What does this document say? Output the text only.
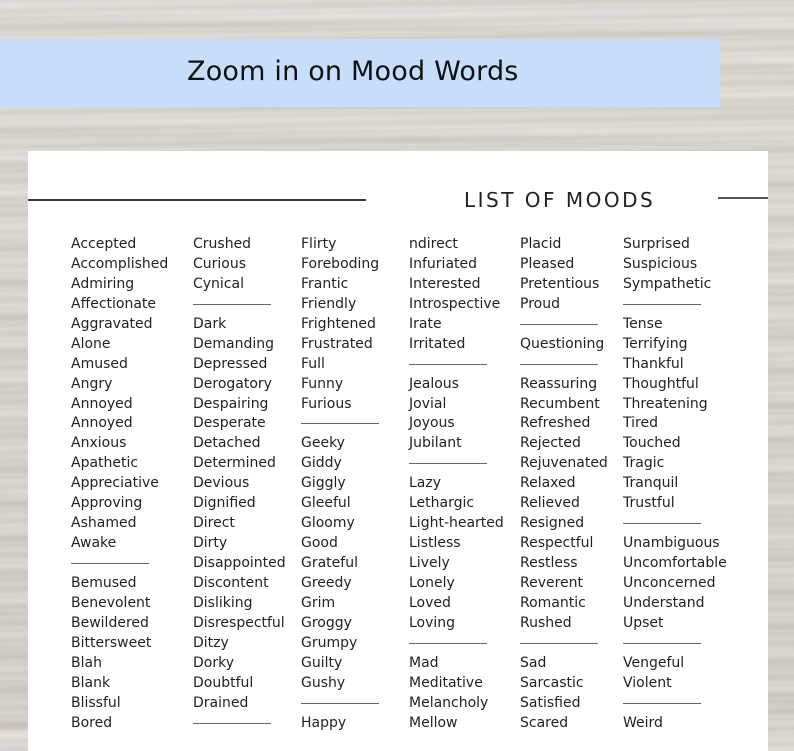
Zoom in on Mood Words
LIST OF MOODS
Accepted
Accomplished
Admiring
Affectionate
Aggravated
Alone
Amused
Angry
Annoyed
Annoyed
Anxious
Apathetic
Appreciative
Approving
Ashamed
Awake
Bemused
Benevolent
Bewildered
Bittersweet
Blah
Blank
Blissful
Bored
Crushed
Curious
Cynical
Dark
Demanding
Depressed
Derogatory
Despairing
Desperate
Detached
Determined
Devious
Dignified
Direct
Dirty
Disappointed
Discontent
Disliking
Disrespectful
Ditzy
Dorky
Doubtful
Drained
Flirty
Foreboding
Frantic
Friendly
Frightened
Frustrated
Full
Funny
Furious
Geeky
Giddy
Giggly
Gleeful
Gloomy
Good
Grateful
Greedy
Grim
Groggy
Grumpy
Guilty
Gushy
Happy
ndirect
Infuriated
Interested
Introspective
Irate
Irritated
Jealous
Jovial
Joyous
Jubilant
Lazy
Lethargic
Light-hearted
Listless
Lively
Lonely
Loved
Loving
Mad
Meditative
Melancholy
Mellow
Placid
Pleased
Pretentious
Proud
Questioning
Reassuring
Recumbent
Refreshed
Rejected
Rejuvenated
Relaxed
Relieved
Resigned
Respectful
Restless
Reverent
Romantic
Rushed
Sad
Sarcastic
Satisfied
Scared
Surprised
Suspicious
Sympathetic
Tense
Terrifying
Thankful
Thoughtful
Threatening
Tired
Touched
Tragic
Tranquil
Trustful
Unambiguous
Uncomfortable
Unconcerned
Understand
Upset
Vengeful
Violent
Weird
